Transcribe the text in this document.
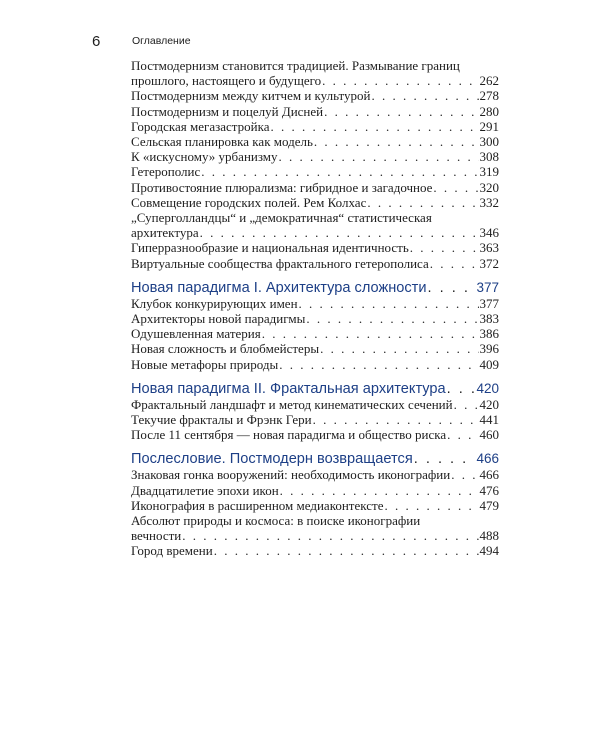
6	Оглавление
Постмодернизм становится традицией. Размывание границ
прошлого, настоящего и будущего . . .	262
Постмодернизм между китчем и культурой . . .	278
Постмодернизм и поцелуй Дисней . . .	280
Городская мегазастройка . . .	291
Сельская планировка как модель . . .	300
К «искусному» урбанизму . . .	308
Гетерополис . . .	319
Противостояние плюрализма: гибридное и загадочное . . .	320
Совмещение городских полей. Рем Колхас . . .	332
„Суперголландцы“ и „демократичная“ статистическая
архитектура . . .	346
Гиперразнообразие и национальная идентичность . . .	363
Виртуальные сообщества фрактального гетерополиса . . .	372
Новая парадигма I. Архитектура сложности . . .	377
Клубок конкурирующих имен . . .	377
Архитекторы новой парадигмы . . .	383
Одушевленная материя . . .	386
Новая сложность и блобмейстеры . . .	396
Новые метафоры природы . . .	409
Новая парадигма II. Фрактальная архитектура . . . 420
Фрактальный ландшафт и метод кинематических сечений . . . 420
Текучие фракталы и Фрэнк Гери . . .	441
После 11 сентября — новая парадигма и общество риска . . .	460
Послесловие. Постмодерн возвращается . . .	466
Знаковая гонка вооружений: необходимость иконографии . . . 466
Двадцатилетие эпохи икон . . .	476
Иконография в расширенном медиаконтексте . . .	479
Абсолют природы и космоса: в поиске иконографии
вечности . . .	488
Город времени . . .	494
